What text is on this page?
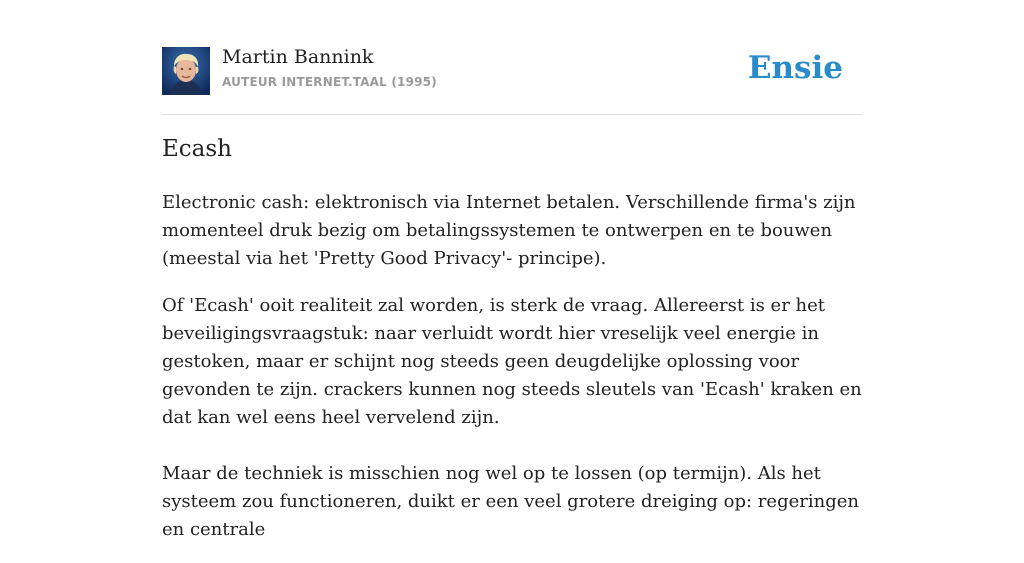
Martin Bannink
AUTEUR INTERNET.TAAL (1995)	Ensie
Ecash

Electronic cash: elektronisch via Internet betalen. Verschillende firma's zijn momenteel druk bezig om betalingssystemen te ontwerpen en te bouwen (meestal via het 'Pretty Good Privacy'- principe).

Of 'Ecash' ooit realiteit zal worden, is sterk de vraag. Allereerst is er het beveiligingsvraagstuk: naar verluidt wordt hier vreselijk veel energie in gestoken, maar er schijnt nog steeds geen deugdelijke oplossing voor gevonden te zijn. crackers kunnen nog steeds sleutels van 'Ecash' kraken en dat kan wel eens heel vervelend zijn.

Maar de techniek is misschien nog wel op te lossen (op termijn). Als het systeem zou functioneren, duikt er een veel grotere dreiging op: regeringen en centrale
